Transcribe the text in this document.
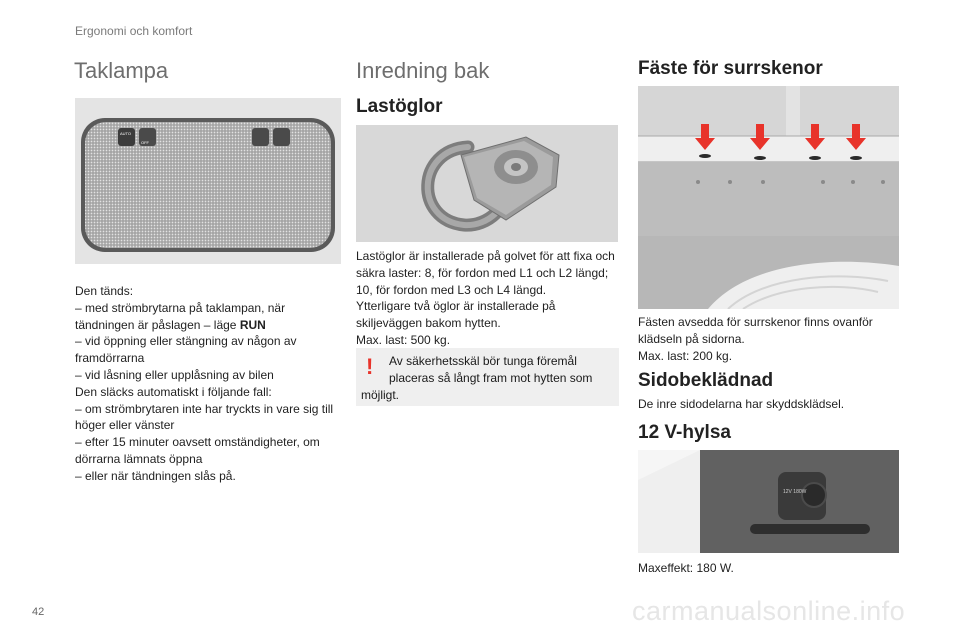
Ergonomi och komfort
Taklampa
AUTO
OFF

Den tänds:

– med strömbrytarna på taklampan, när

tändningen är påslagen – läge RUN

– vid öppning eller stängning av någon av

framdörrarna

– vid låsning eller upplåsning av bilen

Den släcks automatiskt i följande fall:

– om strömbrytaren inte har tryckts in vare sig till

höger eller vänster

– efter 15 minuter oavsett omständigheter, om

dörrarna lämnats öppna

– eller när tändningen slås på.

Inredning bak
Lastöglor

Lastöglor är installerade på golvet för att fixa och

säkra laster: 8, för fordon med L1 och L2 längd;

10, för fordon med L3 och L4 längd.

Ytterligare två öglor är installerade på

skiljeväggen bakom hytten.

Max. last: 500 kg.

!	Av säkerhetsskäl bör tunga föremål
placeras så långt fram mot hytten som
möjligt.
Fäste för surrskenor

Fästen avsedda för surrskenor finns ovanför

klädseln på sidorna.

Max. last: 200 kg.

Sidobeklädnad
De inre sidodelarna har skyddsklädsel.
12 V-hylsa
12V 180W
Maxeffekt: 180 W.
42	carmanualsonline.info
